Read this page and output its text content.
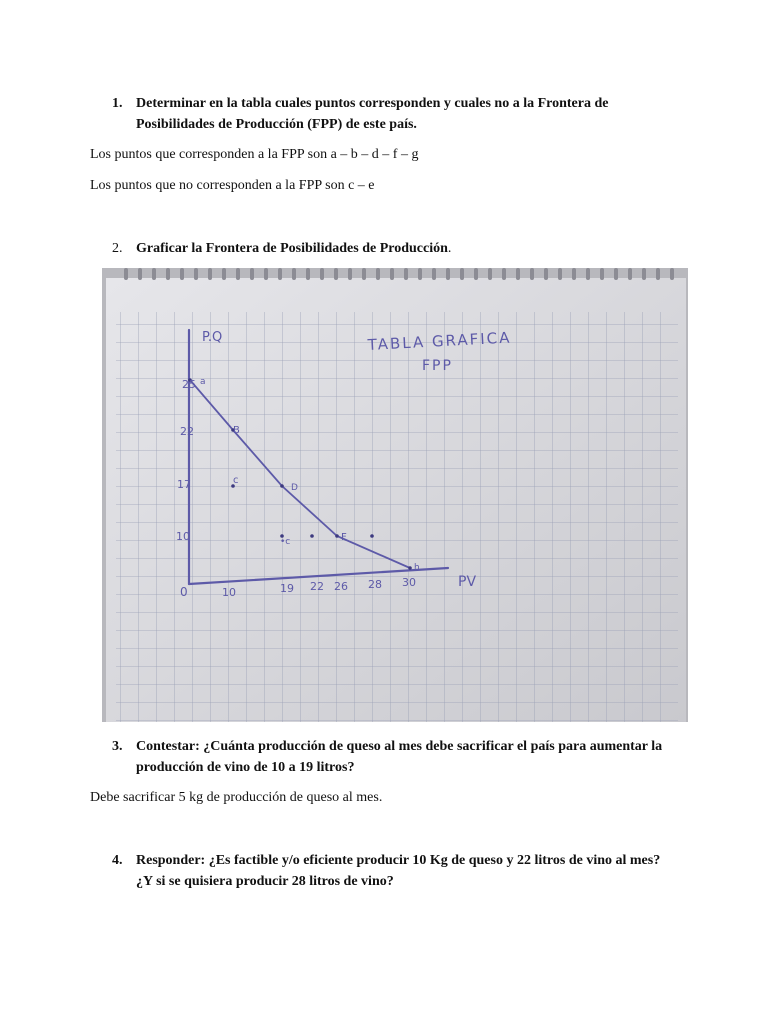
1. Determinar en la tabla cuales puntos corresponden y cuales no a la Frontera de Posibilidades de Producción (FPP) de este país.
Los puntos que corresponden a la FPP son a – b – d – f – g
Los puntos que no corresponden a la FPP son c – e
2. Graficar la Frontera de Posibilidades de Producción.
P.Q
PV
0
25
22
17
10
10	19 22 26 28 30
a
B
c
D
•c	F
h
TABLA GRAFICA
FPP
3. Contestar: ¿Cuánta producción de queso al mes debe sacrificar el país para aumentar la producción de vino de 10 a 19 litros?
Debe sacrificar 5 kg de producción de queso al mes.
4. Responder: ¿Es factible y/o eficiente producir 10 Kg de queso y 22 litros de vino al mes? ¿Y si se quisiera producir 28 litros de vino?
